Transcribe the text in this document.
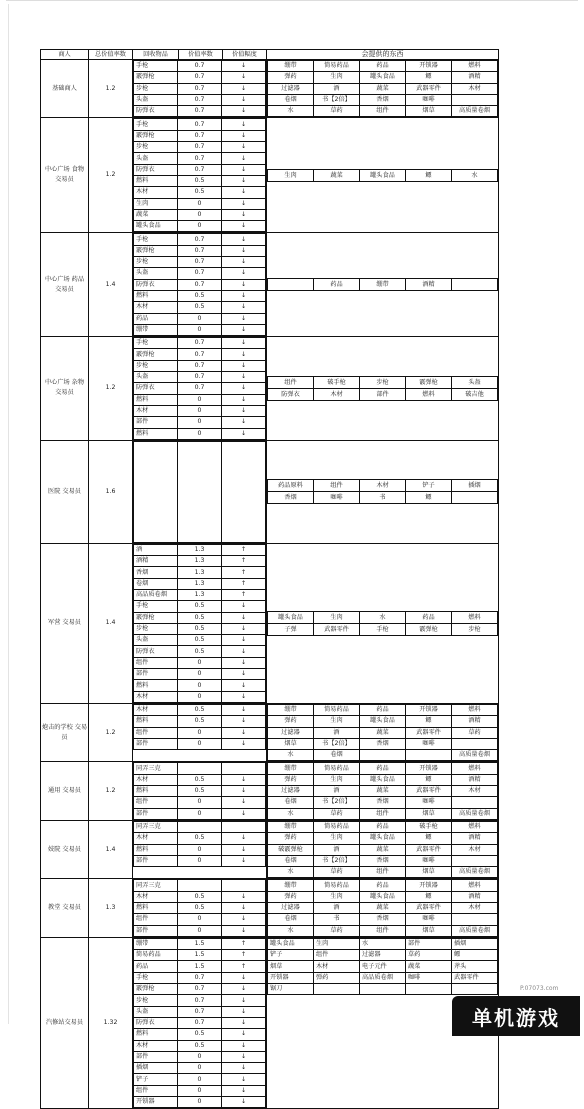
商人	总价值率数	回收物品	价值率数	价值幅度	会提供的东西
基础商人	1.2	
手枪	0.7	↓
霰弹枪	0.7	↓
步枪	0.7	↓
头盔	0.7	↓
防弹衣	0.7	↓

绷带	简易药品	药品	开锁器	燃料
弹药	生肉	罐头食品	鳔	酒精
过滤器	酒	蔬菜	武器零件	木材
卷烟	书【2倍】	香烟	咖啡	
水	草药	组件	烟草	高质量卷烟

中心广场 食物 交易员	1.2	
手枪	0.7	↓
霰弹枪	0.7	↓
步枪	0.7	↓
头盔	0.7	↓
防弹衣	0.7	↓
燃料	0.5	↓
木材	0.5	↓
生肉	0	↓
蔬菜	0	↓
罐头食品	0	↓

生肉	蔬菜	罐头食品	鳔	水

中心广场 药品 交易员	1.4	
手枪	0.7	↓
霰弹枪	0.7	↓
步枪	0.7	↓
头盔	0.7	↓
防弹衣	0.7	↓
燃料	0.5	↓
木材	0.5	↓
药品	0	↓
绷带	0	↓

	药品	绷带	酒精	

中心广场 杂物 交易员	1.2	
手枪	0.7	↓
霰弹枪	0.7	↓
步枪	0.7	↓
头盔	0.7	↓
防弹衣	0.7	↓
燃料	0	↓
木材	0	↓
部件	0	↓
燃料	0	↓

组件	破手枪	步枪	霰弹枪	头盔
防弹衣	木材	部件	燃料	破吉他

医院 交易员	1.6	

药品原料	组件	木材	铲子	插烟
香烟	咖啡	书	鳔	

军营 交易员	1.4	
酒	1.3	↑
酒精	1.3	↑
香烟	1.3	↑
卷烟	1.3	↑
高品质卷烟	1.3	↑
手枪	0.5	↓
霰弹枪	0.5	↓
步枪	0.5	↓
头盔	0.5	↓
防弹衣	0.5	↓
组件	0	↓
部件	0	↓
燃料	0	↓
木材	0	↓

罐头食品	生肉	水	药品	燃料
子弹	武器零件	手枪	霰弹枪	步枪

炮击的学校 交易员	1.2	
木材	0.5	↓
燃料	0.5	↓
组件	0	↓
部件	0	↓

绷带	简易药品	药品	开锁器	燃料
弹药	生肉	罐头食品	鳔	酒精
过滤器	酒	蔬菜	武器零件	草药
烟草	书【2倍】	香烟	咖啡	
水	卷烟			高质量卷烟

通用 交易员	1.2	
同弄三克		
木材	0.5	↓
燃料	0.5	↓
组件	0	↓
部件	0	↓

绷带	简易药品	药品	开锁器	燃料
弹药	生肉	罐头食品	鳔	酒精
过滤器	酒	蔬菜	武器零件	木材
卷烟	书【2倍】	香烟	咖啡	
水	草药	组件	烟草	高质量卷烟

妓院 交易员	1.4	
同弄三克		
木材	0.5	↓
燃料	0	↓
部件	0	↓

绷带	简易药品	药品	破手枪	燃料
弹药	生肉	罐头食品	鳔	酒精
破霰弹枪	酒	蔬菜	武器零件	木材
卷烟	书【2倍】	香烟	咖啡	
水	草药	组件	烟草	高质量卷烟

教堂 交易员	1.3	
同弄三克		
木材	0.5	↓
燃料	0.5	↓
组件	0	↓
部件	0	↓

绷带	简易药品	药品	开锁器	燃料
弹药	生肉	罐头食品	鳔	酒精
过滤器	酒	蔬菜	武器零件	木材
卷烟	书	香烟	咖啡	
水	草药	组件	烟草	高质量卷烟

汽修站交易员	1.32	
绷带	1.5	↑
简易药品	1.5	↑
药品	1.5	↑
手枪	0.7	↓
霰弹枪	0.7	↓
步枪	0.7	↓
头盔	0.7	↓
防弹衣	0.7	↓
燃料	0.5	↓
木材	0.5	↓
部件	0	↓
插烟	0	↓
铲子	0	↓
组件	0	↓
开锁器	0	↓

罐头食品	生肉	水	部件	插烟
铲子	组件	过滤器	草药	鳔
烟草	木材	电子元件	蔬菜	斧头
开锁器	弹药	高品质卷烟	咖啡	武器零件
锯刀					P.07073.com
单机游戏
